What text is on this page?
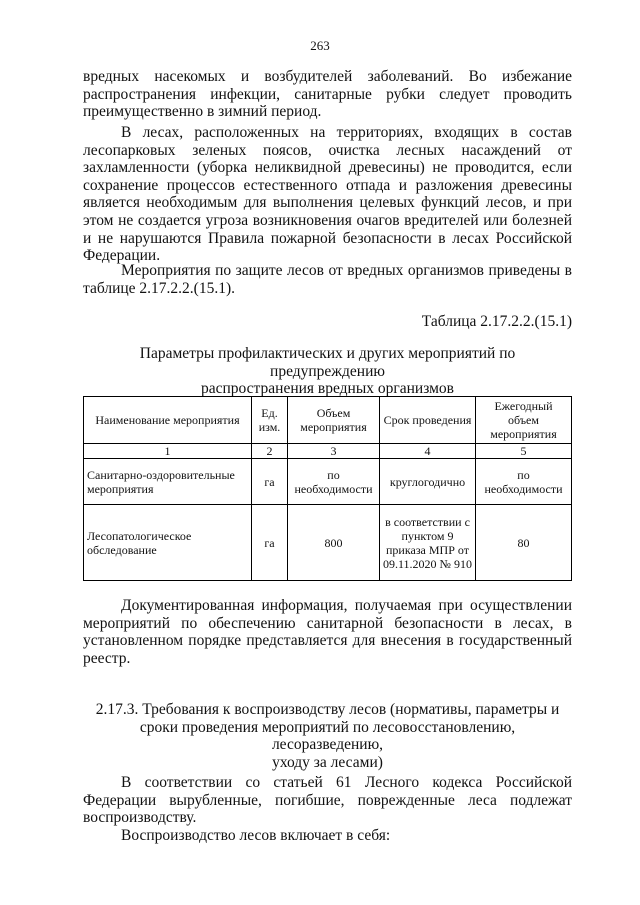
263

вредных насекомых и возбудителей заболеваний. Во избежание распространения инфекции, санитарные рубки следует проводить

преимущественно в зимний период.

В лесах, расположенных на территориях, входящих в состав лесопарковых зеленых поясов, очистка лесных насаждений от захламленности (уборка неликвидной древесины) не проводится, если сохранение процессов естественного отпада и разложения древесины является необходимым для выполнения целевых функций лесов, и при этом не создается угроза возникновения очагов вредителей или болезней и не нарушаются Правила пожарной безопасности в лесах Российской

Федерации.

Мероприятия по защите лесов от вредных организмов приведены в таблице 2.17.2.2.(15.1).

Таблица 2.17.2.2.(15.1)

Параметры профилактических и других мероприятий по предупреждению

распространения вредных организмов

Наименование мероприятия	Ед. изм.	Объем мероприятия	Срок проведения	Ежегодный объем мероприятия
1	2	3	4	5
Санитарно-оздоровительные мероприятия	га	по необходимости	круглогодично	по необходимости
Лесопатологическое обследование	га	800	в соответствии с пунктом 9 приказа МПР от 09.11.2020 № 910	80

Документированная информация, получаемая при осуществлении мероприятий по обеспечению санитарной безопасности в лесах, в установленном порядке представляется для внесения в государственный

реестр.

2.17.3. Требования к воспроизводству лесов (нормативы, параметры и

сроки проведения мероприятий по лесовосстановлению, лесоразведению,

уходу за лесами)

В соответствии со статьей 61 Лесного кодекса Российской Федерации вырубленные, погибшие, поврежденные леса подлежат

воспроизводству.

Воспроизводство лесов включает в себя:
